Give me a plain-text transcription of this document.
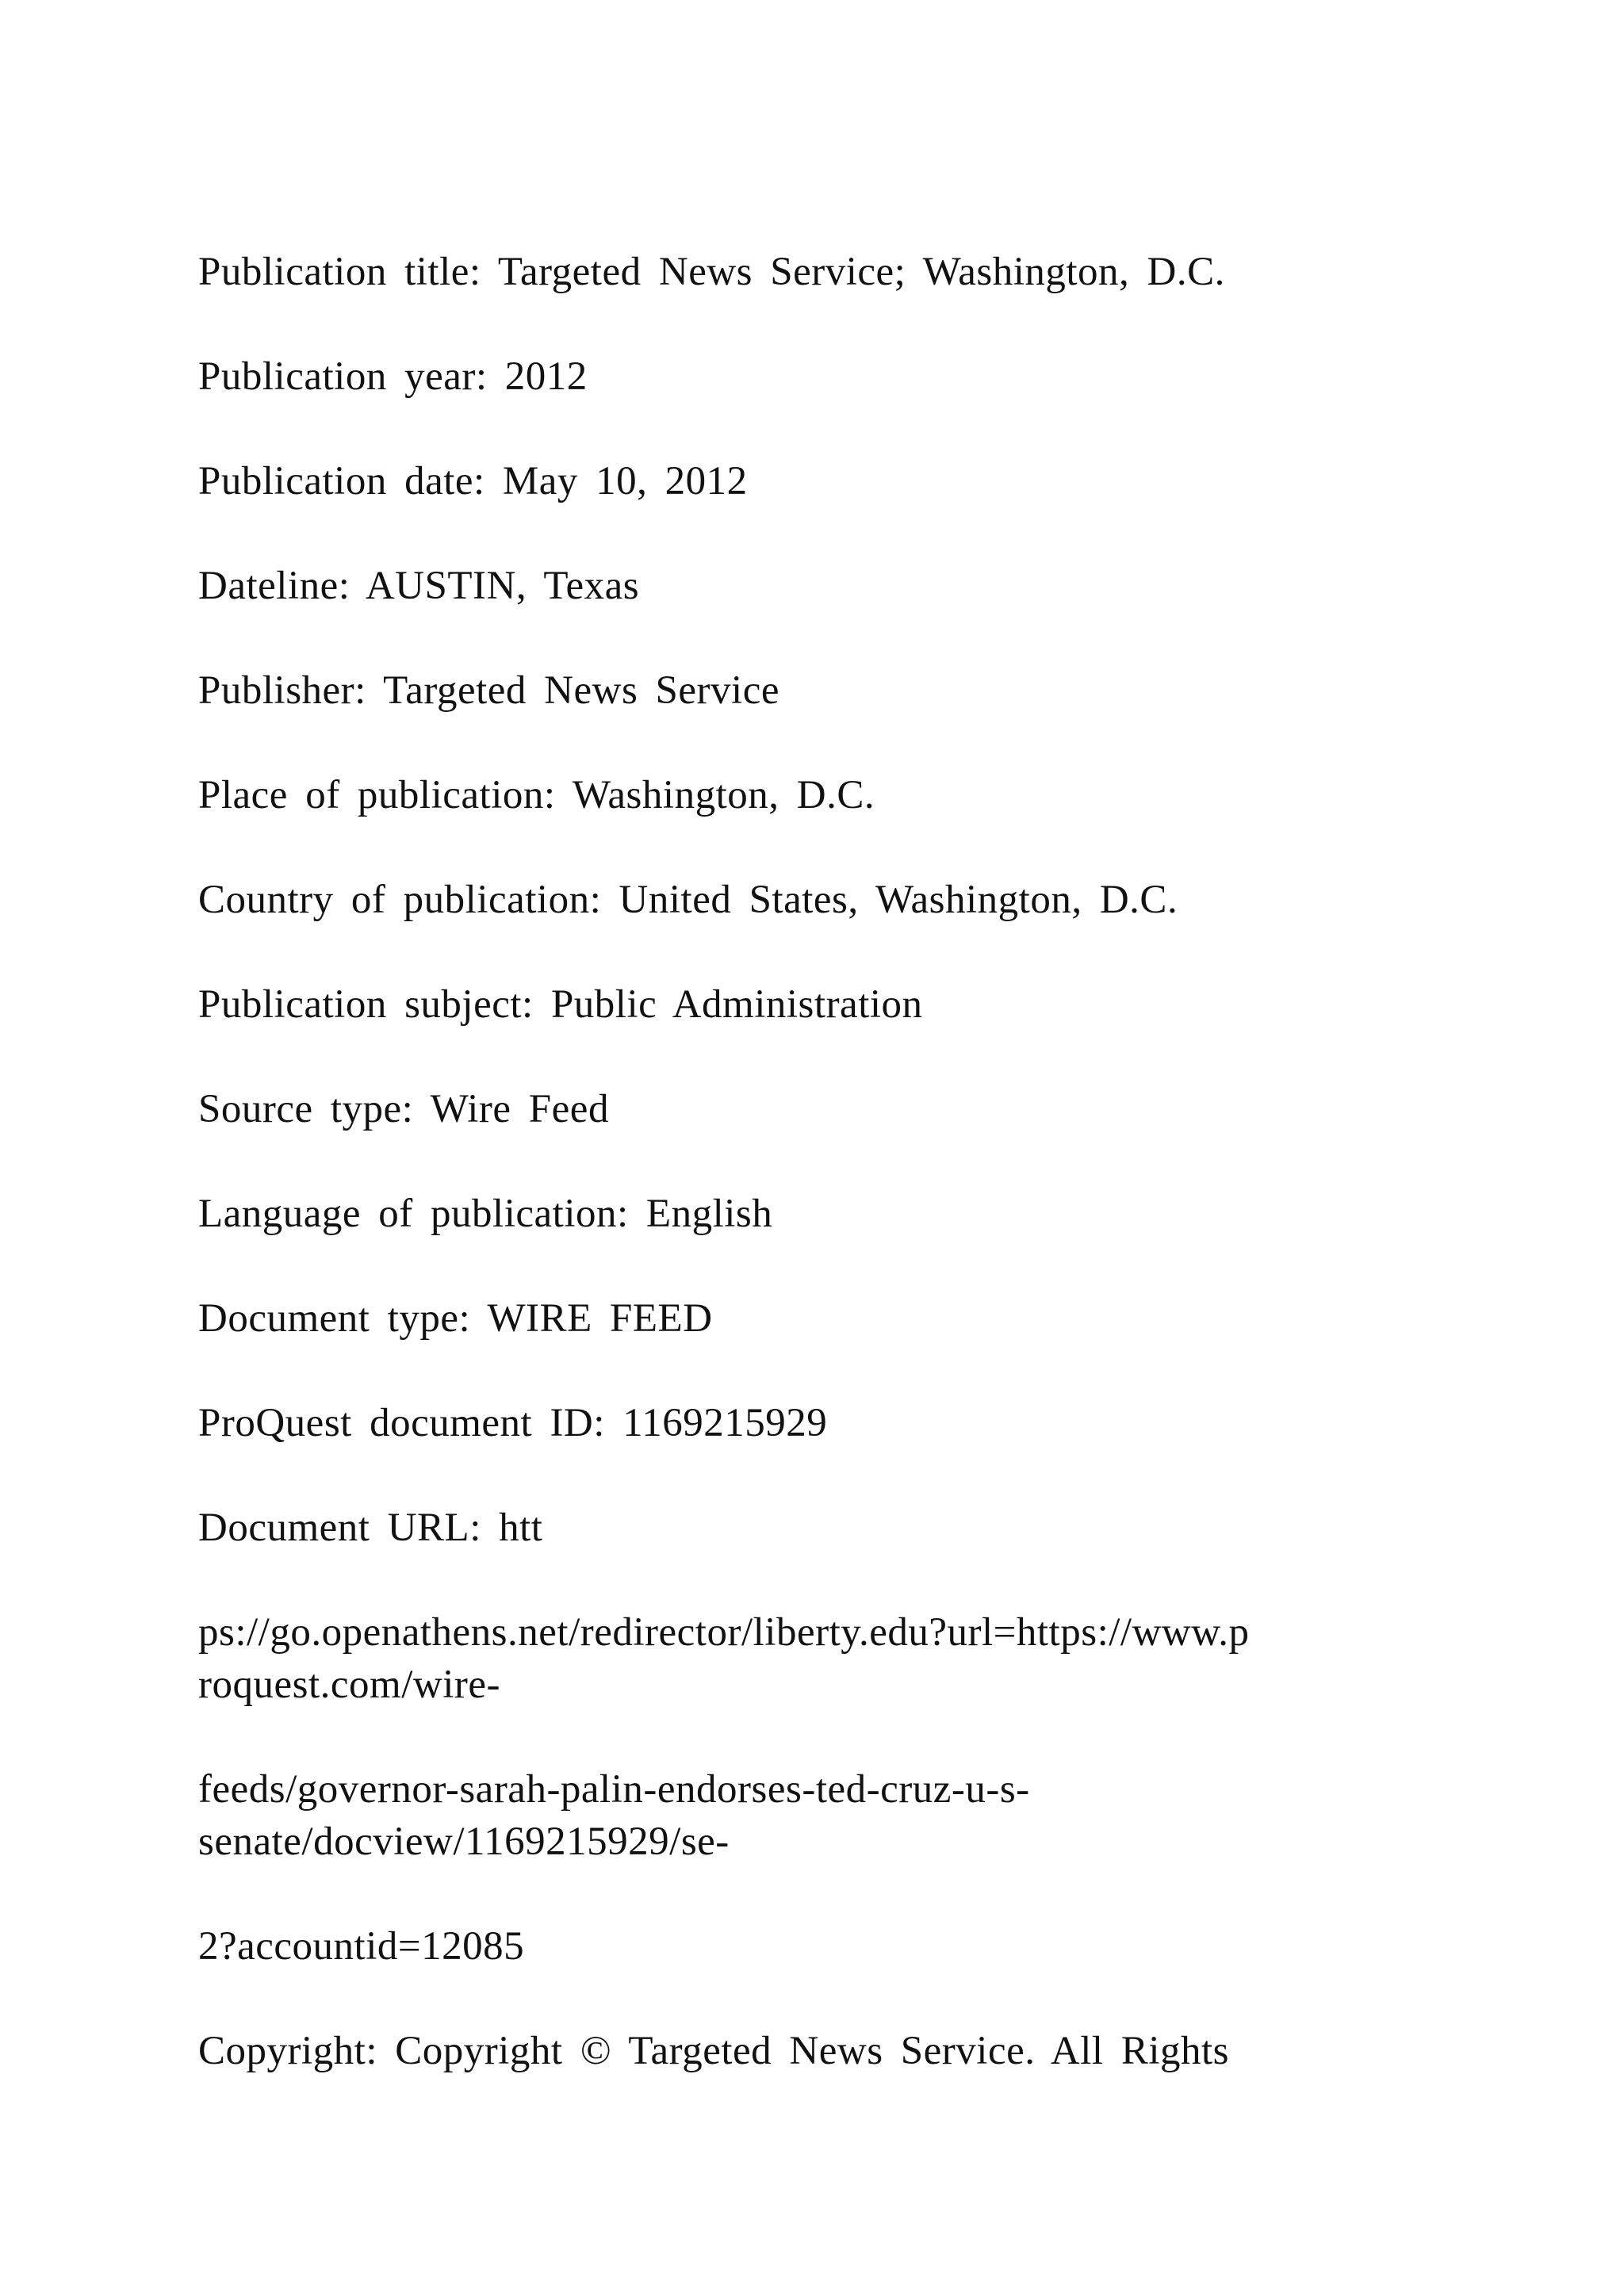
Publication title: Targeted News Service; Washington, D.C.
Publication year: 2012
Publication date: May 10, 2012
Dateline: AUSTIN, Texas
Publisher: Targeted News Service
Place of publication: Washington, D.C.
Country of publication: United States, Washington, D.C.
Publication subject: Public Administration
Source type: Wire Feed
Language of publication: English
Document type: WIRE FEED
ProQuest document ID: 1169215929
Document URL: htt
ps://go.openathens.net/redirector/liberty.edu?url=https://www.p
roquest.com/wire-
feeds/governor-sarah-palin-endorses-ted-cruz-u-s-
senate/docview/1169215929/se-
2?accountid=12085
Copyright: Copyright © Targeted News Service. All Rights
